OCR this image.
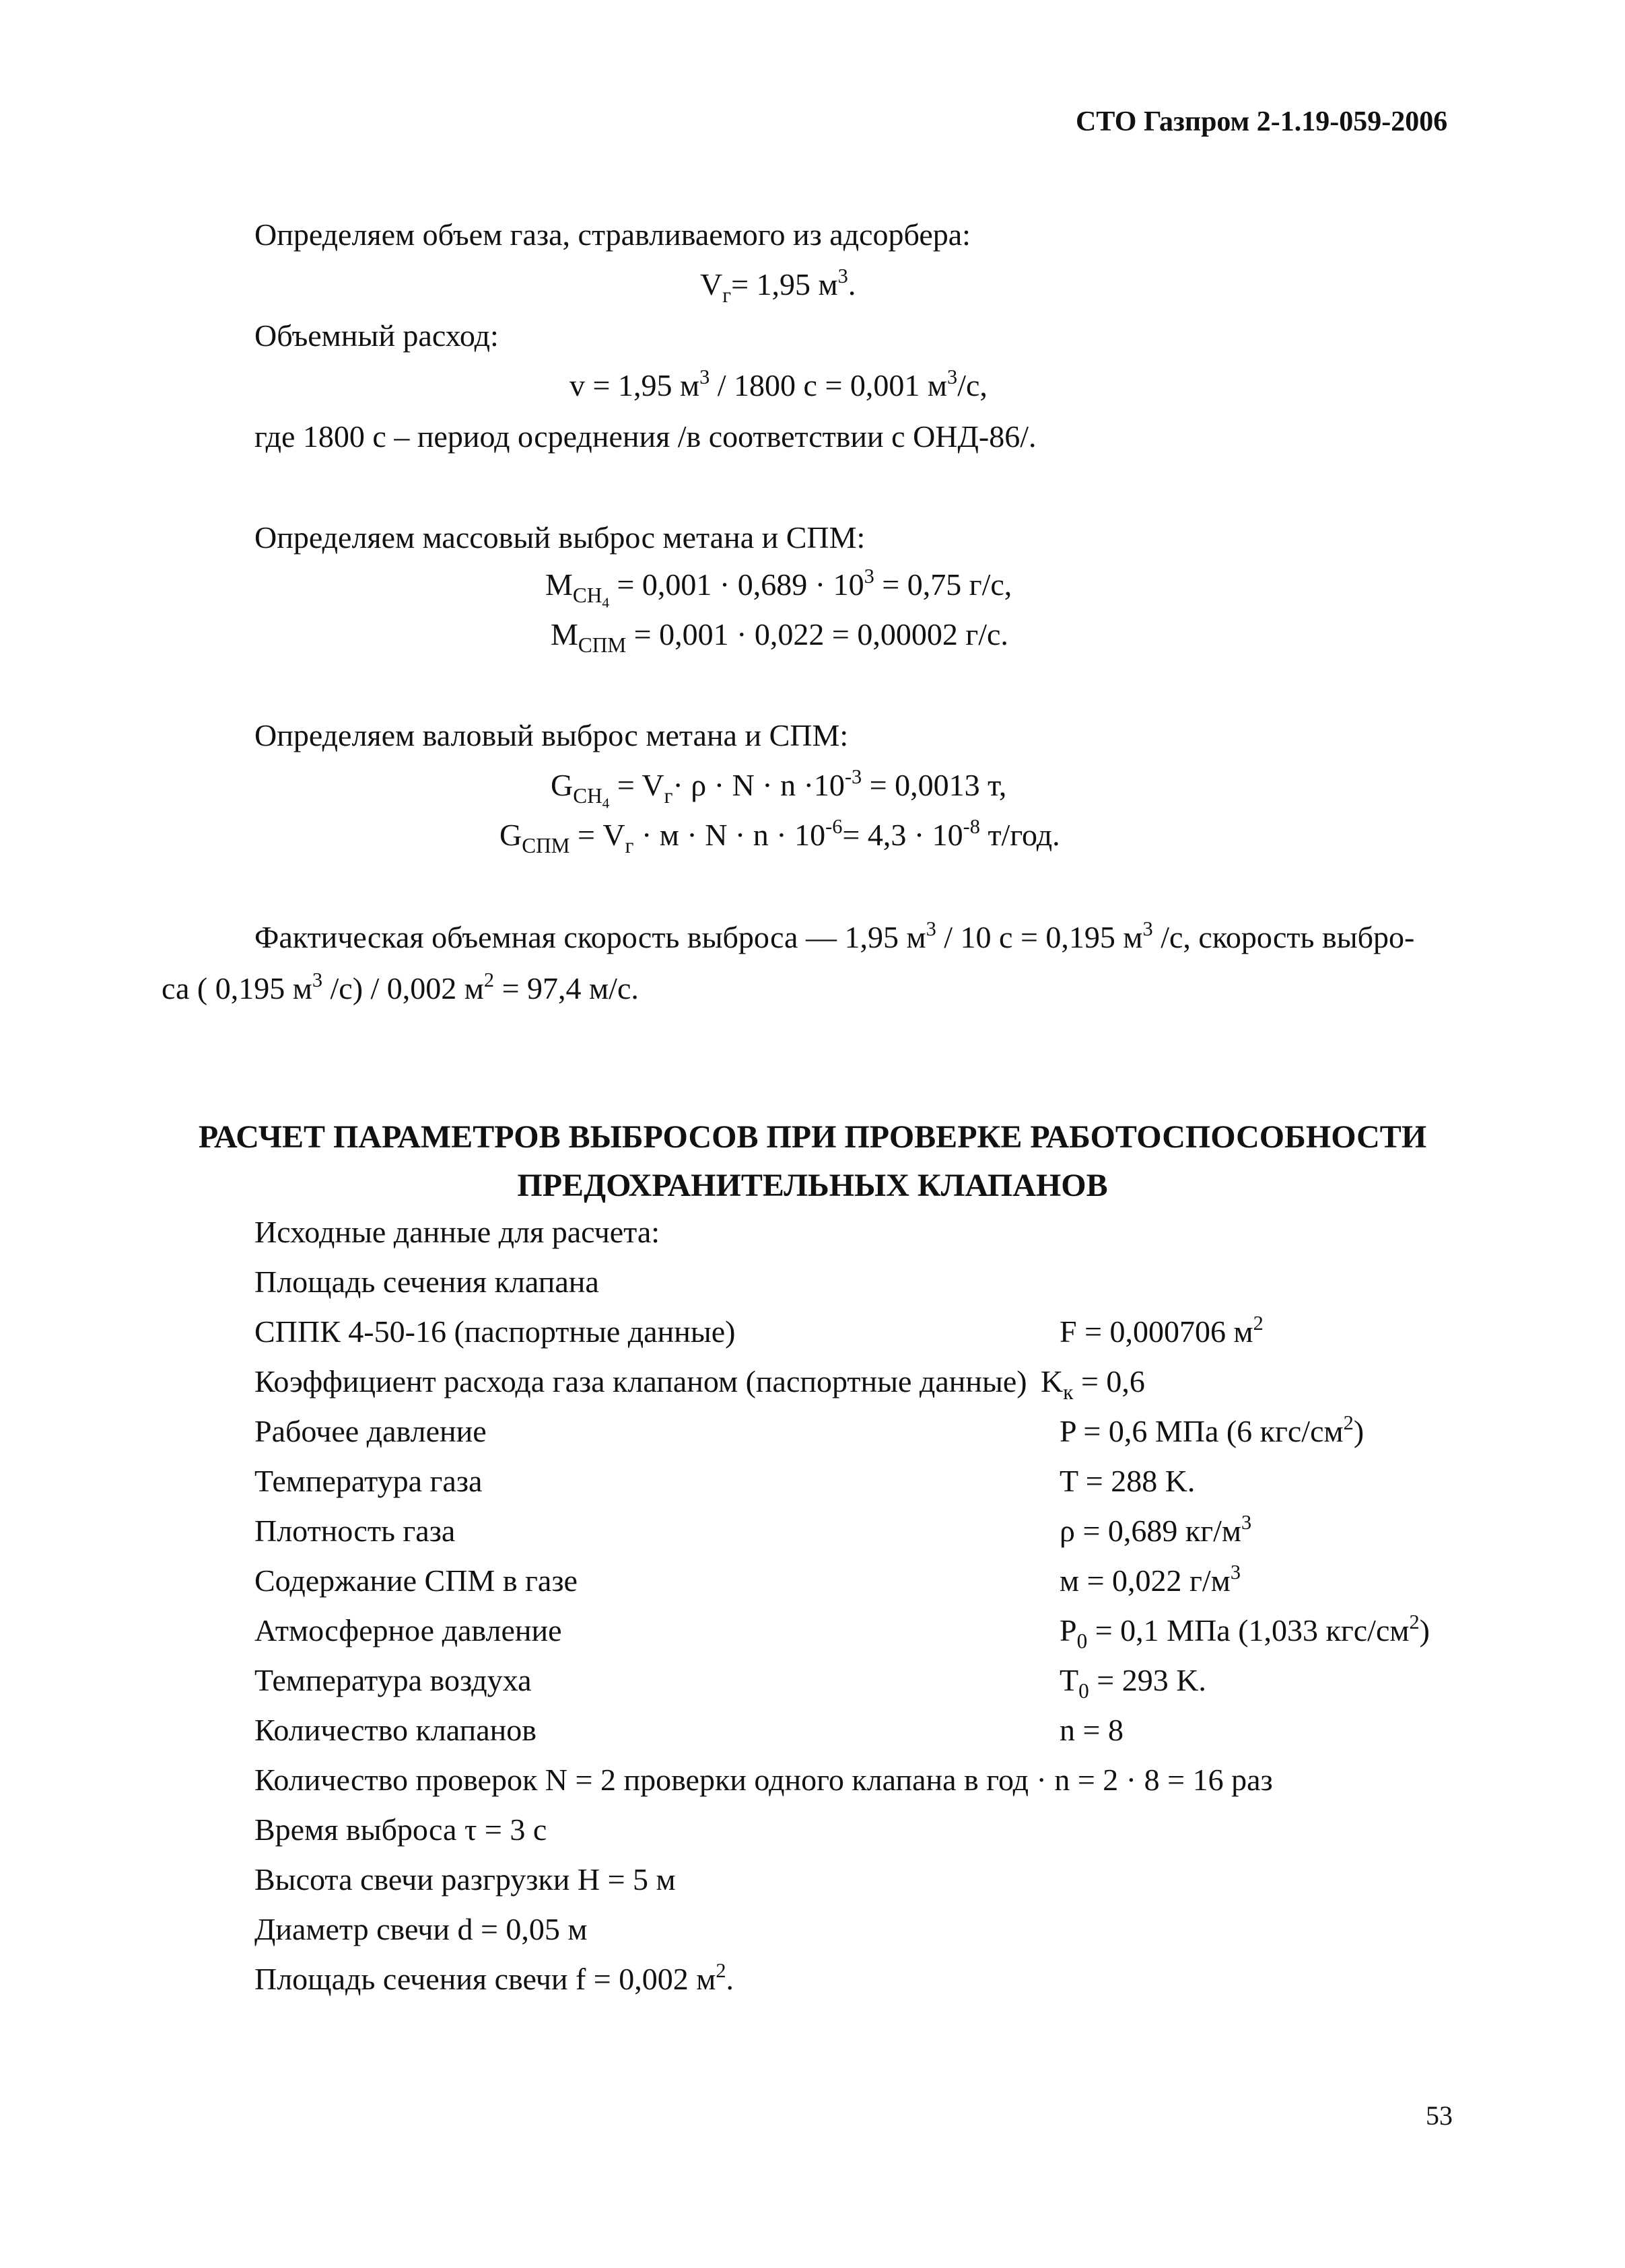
СТО Газпром 2-1.19-059-2006
Определяем объем газа, стравливаемого из адсорбера:
$V_г= 1,95$ $м^3$.
Объемный расход:
v = 1,95 $м^3 / 1800$ с = 0,001 $м^3/с$,
где 1800 с – период осреднения /в соответствии с ОНД-86/.
Определяем массовый выброс метана и СПМ:
$M_{CH_4} = 0,001 \cdot 0,689 \cdot 10^3 = 0,75$ г/с,
$M_{СПМ} = 0,001 \cdot 0,022 = 0,00002$ г/с.
Определяем валовый выброс метана и СПМ:
$G_{CH_4} = V_г\cdot \rho \cdot N \cdot n \cdot 10^{-3} = 0,0013$ т,
$G_{СПМ} = V_г \cdot м \cdot N \cdot n \cdot 10^{-6}= 4,3 \cdot 10^{-8}$ т/год.
Фактическая объемная скорость выброса — 1,95 $м^3 / 10$ с = 0,195 $м^3$ /с, скорость выбро-
са ( 0,195 $м^3$ /с) / 0,002 $м^2 = 97,4$ м/с.
РАСЧЕТ ПАРАМЕТРОВ ВЫБРОСОВ ПРИ ПРОВЕРКЕ РАБОТОСПОСОБНОСТИ
ПРЕДОХРАНИТЕЛЬНЫХ КЛАПАНОВ
Исходные данные для расчета:
Площадь сечения клапана
СППК 4-50-16 (паспортные данные)	F = 0,000706 $м^2$
Коэффициент расхода газа клапаном (паспортные данные) $K_к = 0,6$
Рабочее давление	P = 0,6 МПа (6 кгс/$см^2$)
Температура газа	T = 288 K.
Плотность газа	ρ = 0,689 $кг/м^3$
Содержание СПМ в газе	м = 0,022 $г/м^3$
Атмосферное давление	$P_0 = 0,1$ МПа (1,033 кгс/$см^2$)
Температура воздуха	$T_0 = 293$ K.
Количество клапанов	n = 8
Количество проверок N = 2 проверки одного клапана в год · n = 2 · 8 = 16 раз
Время выброса τ = 3 с
Высота свечи разгрузки H = 5 м
Диаметр свечи d = 0,05 м
Площадь сечения свечи f = 0,002 $м^2$.
53
